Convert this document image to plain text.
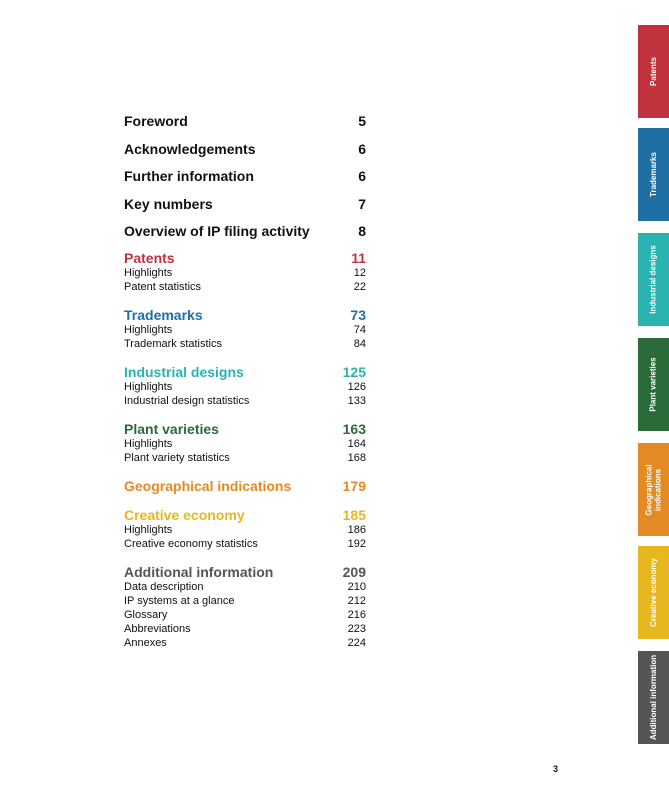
Foreword	5
Acknowledgements	6
Further information	6
Key numbers	7
Overview of IP filing activity	8
Patents	11
Highlights	12
Patent statistics	22
Trademarks	73
Highlights	74
Trademark statistics	84
Industrial designs	125
Highlights	126
Industrial design statistics	133
Plant varieties	163
Highlights	164
Plant variety statistics	168
Geographical indications	179
Creative economy	185
Highlights	186
Creative economy statistics	192
Additional information	209
Data description	210
IP systems at a glance	212
Glossary	216
Abbreviations	223
Annexes	224
Patents
Trademarks
Industrial designs
Plant varieties
Geographical
indications
Creative economy
Additional information
3
